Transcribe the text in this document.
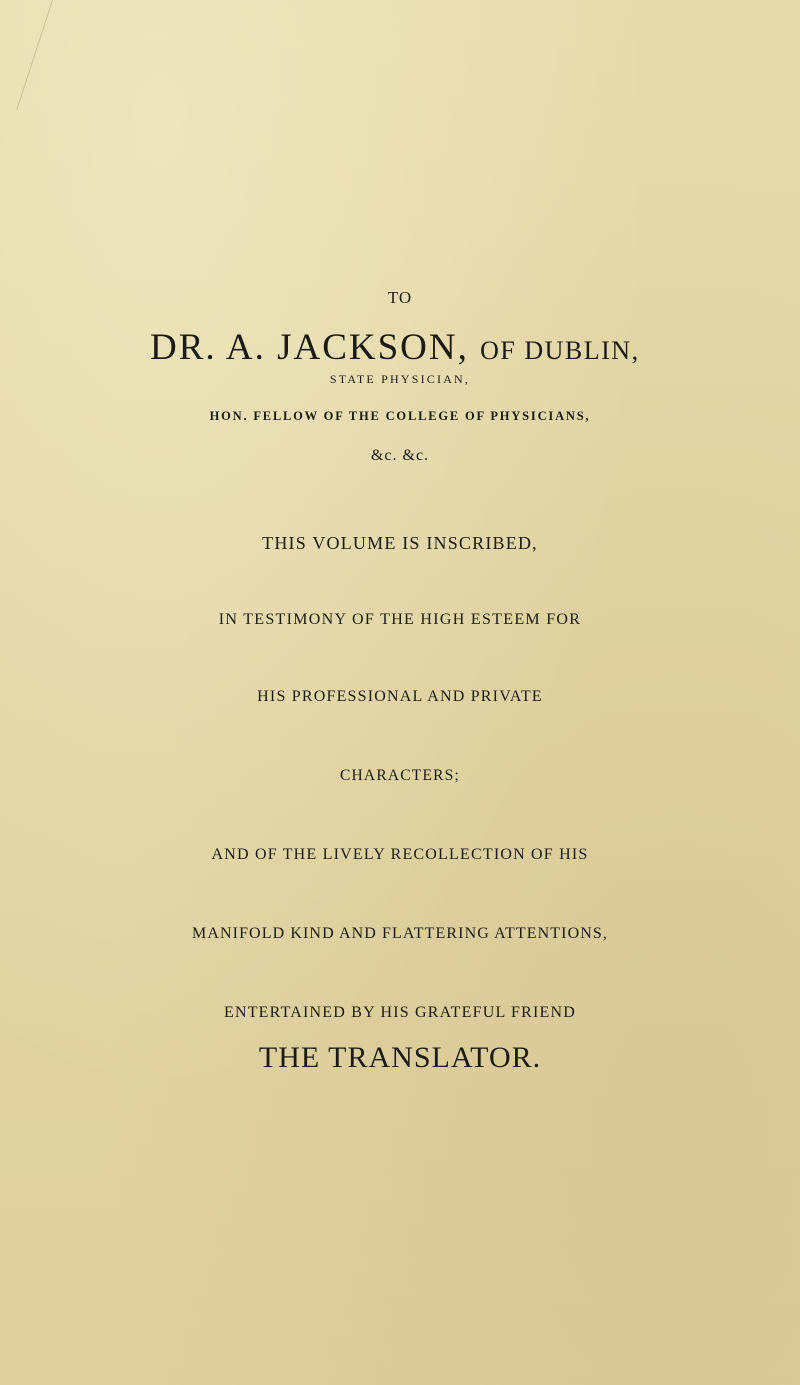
TO
DR. A. JACKSON, OF DUBLIN,
STATE PHYSICIAN,
HON. FELLOW OF THE COLLEGE OF PHYSICIANS,
&c. &c.
THIS VOLUME IS INSCRIBED,
IN TESTIMONY OF THE HIGH ESTEEM FOR
HIS PROFESSIONAL AND PRIVATE
CHARACTERS;
AND OF THE LIVELY RECOLLECTION OF HIS
MANIFOLD KIND AND FLATTERING ATTENTIONS,
ENTERTAINED BY HIS GRATEFUL FRIEND
THE TRANSLATOR.
